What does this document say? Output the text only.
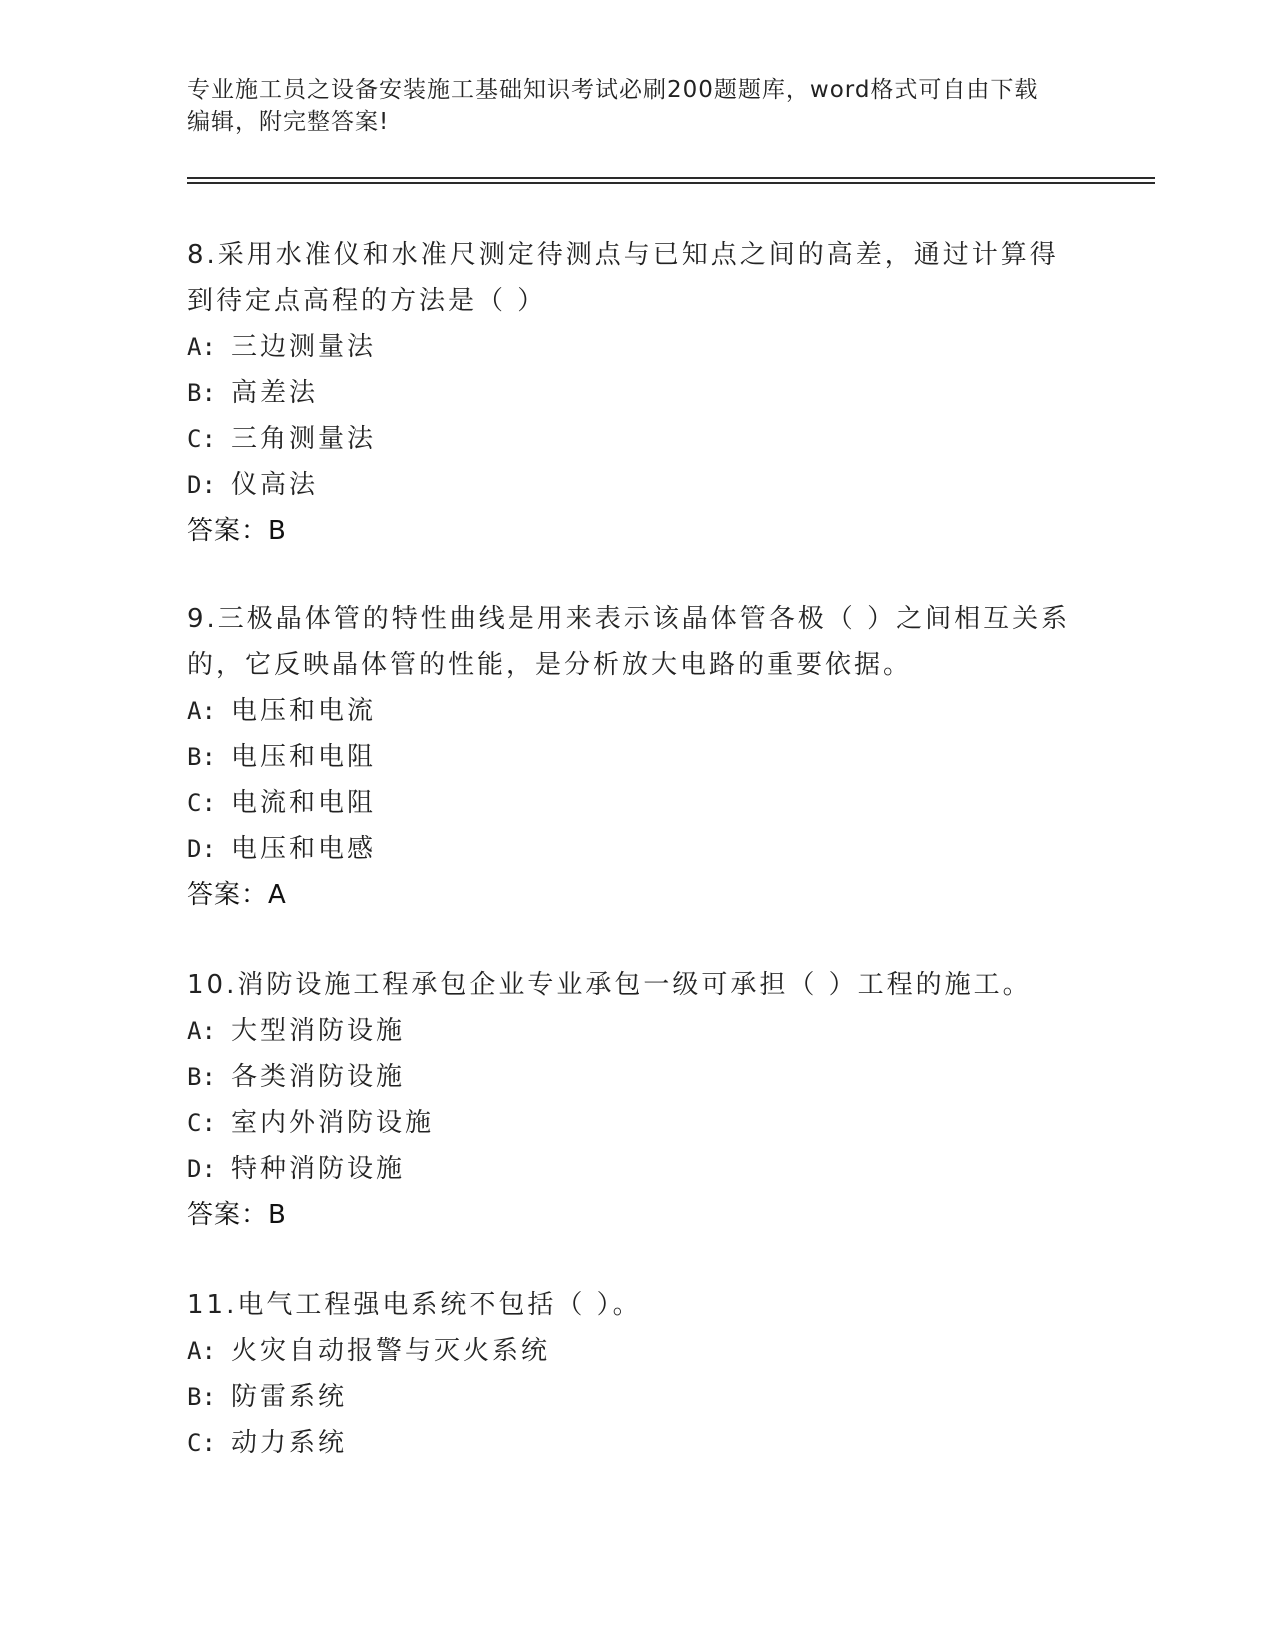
专业施工员之设备安装施工基础知识考试必刷200题题库，word格式可自由下载
编辑，附完整答案!

8.采用水准仪和水准尺测定待测点与已知点之间的高差，通过计算得

到待定点高程的方法是（ ）

A: 三边测量法

B: 高差法

C: 三角测量法

D: 仪高法

答案：B

9.三极晶体管的特性曲线是用来表示该晶体管各极（ ）之间相互关系

的，它反映晶体管的性能，是分析放大电路的重要依据。

A: 电压和电流

B: 电压和电阻

C: 电流和电阻

D: 电压和电感

答案：A

10.消防设施工程承包企业专业承包一级可承担（ ）工程的施工。

A: 大型消防设施

B: 各类消防设施

C: 室内外消防设施

D: 特种消防设施

答案：B

11.电气工程强电系统不包括（ ）。

A: 火灾自动报警与灭火系统

B: 防雷系统

C: 动力系统
